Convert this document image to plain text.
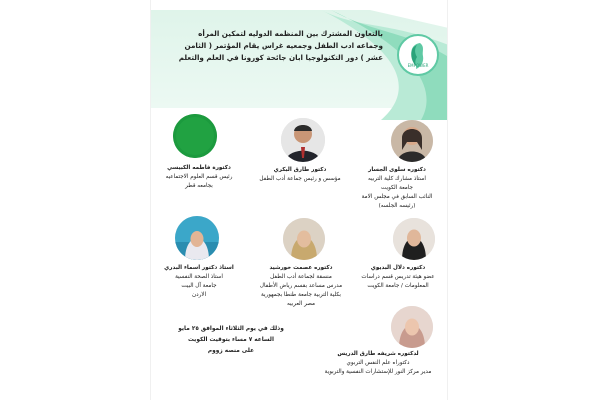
EMPOWER
بالتعاون المشترك بين المنظمه الدوليه لتمكين المرأه وجماعه ادب الطفل وجمعيه غراس يقام المؤتمر ( الثامن عشر ) دور التكنولوجيا ابان جائحة كورونا في العلم والتعلم
دكتوره سلوى الجسار
استاذ مشارك كلية التربيه
جامعة الكويت
النائب السابق في مجلس الامة
(رئيسه الجلسه)
دكتور طارق البكري
مؤسس و رئيس جماعة أدب الطفل
دكتورة فاطمه الكبيسي
رئيس قسم العلوم الاجتماعيه
بجامعه قطر
دكتوره دلال البديوي
عضو هيئة تدريس قسم دراسات
المعلومات / جامعة الكويت
دكتوره عصمت خورشيد
منسقة لجماعة أدب الطفل
مدرس مساعد بقسم رياض الأطفال
بكلية التربية جامعة طنطا بجمهورية
مصر العربيه
استاذ دكتور اسماء البدري
استاذ الصحة النفسية
جامعة آل البيت
الاردن
لدكتوره شريفه طارق الدريس
دكتوراه علم النفس التربوي
مدير مركز النور للإستشارات النفسية والتربوية
وذلك في يوم الثلاثاء الموافق ٢٥ مايو
الساعه ٧ مساء بتوقيت الكويت
على منصه زووم
